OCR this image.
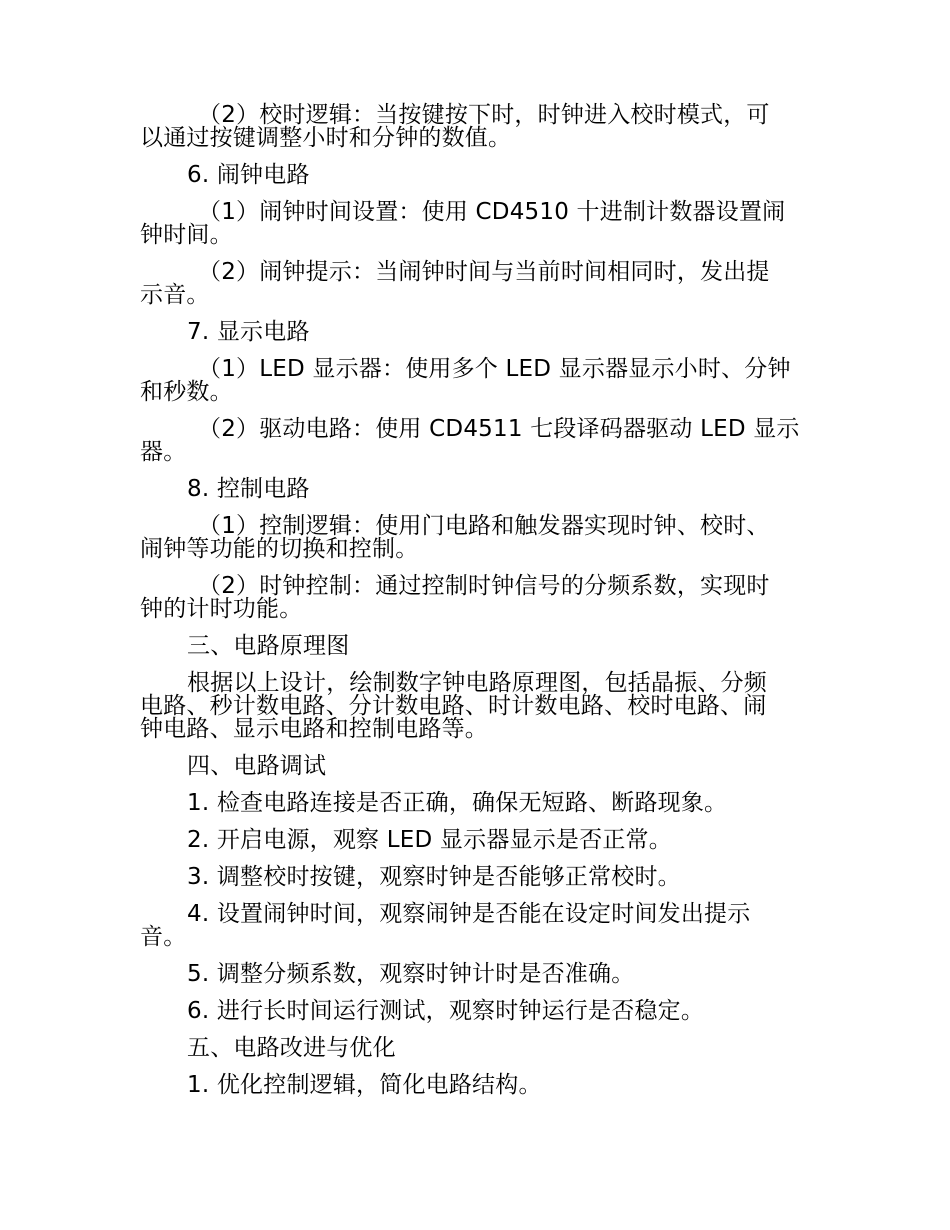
（2）校时逻辑：当按键按下时，时钟进入校时模式，可
以通过按键调整小时和分钟的数值。
6. 闹钟电路
（1）闹钟时间设置：使用 CD4510 十进制计数器设置闹
钟时间。
（2）闹钟提示：当闹钟时间与当前时间相同时，发出提
示音。
7. 显示电路
（1）LED 显示器：使用多个 LED 显示器显示小时、分钟
和秒数。
（2）驱动电路：使用 CD4511 七段译码器驱动 LED 显示
器。
8. 控制电路
（1）控制逻辑：使用门电路和触发器实现时钟、校时、
闹钟等功能的切换和控制。
（2）时钟控制：通过控制时钟信号的分频系数，实现时
钟的计时功能。
三、电路原理图
根据以上设计，绘制数字钟电路原理图，包括晶振、分频
电路、秒计数电路、分计数电路、时计数电路、校时电路、闹
钟电路、显示电路和控制电路等。
四、电路调试
1. 检查电路连接是否正确，确保无短路、断路现象。
2. 开启电源，观察 LED 显示器显示是否正常。
3. 调整校时按键，观察时钟是否能够正常校时。
4. 设置闹钟时间，观察闹钟是否能在设定时间发出提示
音。
5. 调整分频系数，观察时钟计时是否准确。
6. 进行长时间运行测试，观察时钟运行是否稳定。
五、电路改进与优化
1. 优化控制逻辑，简化电路结构。
